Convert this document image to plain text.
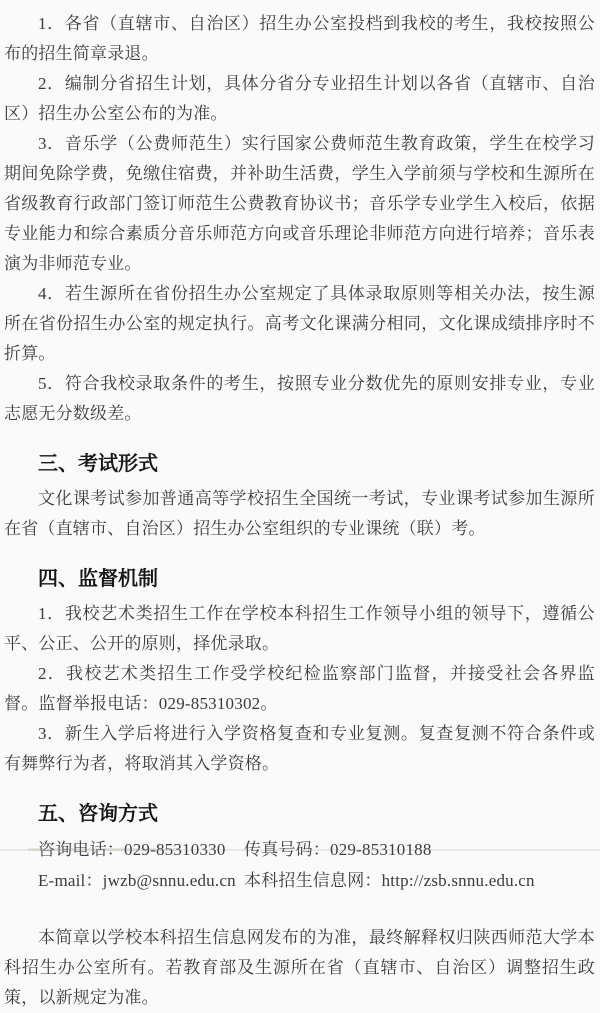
1．各省（直辖市、自治区）招生办公室投档到我校的考生，我校按照公布的招生简章录退。

2．编制分省招生计划，具体分省分专业招生计划以各省（直辖市、自治区）招生办公室公布的为准。

3．音乐学（公费师范生）实行国家公费师范生教育政策，学生在校学习期间免除学费，免缴住宿费，并补助生活费，学生入学前须与学校和生源所在省级教育行政部门签订师范生公费教育协议书；音乐学专业学生入校后，依据专业能力和综合素质分音乐师范方向或音乐理论非师范方向进行培养；音乐表演为非师范专业。

4．若生源所在省份招生办公室规定了具体录取原则等相关办法，按生源所在省份招生办公室的规定执行。高考文化课满分相同，文化课成绩排序时不折算。

5．符合我校录取条件的考生，按照专业分数优先的原则安排专业，专业志愿无分数级差。

三、考试形式

文化课考试参加普通高等学校招生全国统一考试，专业课考试参加生源所在省（直辖市、自治区）招生办公室组织的专业课统（联）考。

四、监督机制

1．我校艺术类招生工作在学校本科招生工作领导小组的领导下，遵循公平、公正、公开的原则，择优录取。

2．我校艺术类招生工作受学校纪检监察部门监督，并接受社会各界监督。监督举报电话：029-85310302。

3．新生入学后将进行入学资格复查和专业复测。复查复测不符合条件或有舞弊行为者，将取消其入学资格。

五、咨询方式
咨询电话：029-85310330	传真号码：029-85310188
E-mail：jwzb@snnu.edu.cn 本科招生信息网：http://zsb.snnu.edu.cn

本简章以学校本科招生信息网发布的为准，最终解释权归陕西师范大学本科招生办公室所有。若教育部及生源所在省（直辖市、自治区）调整招生政策，以新规定为准。
